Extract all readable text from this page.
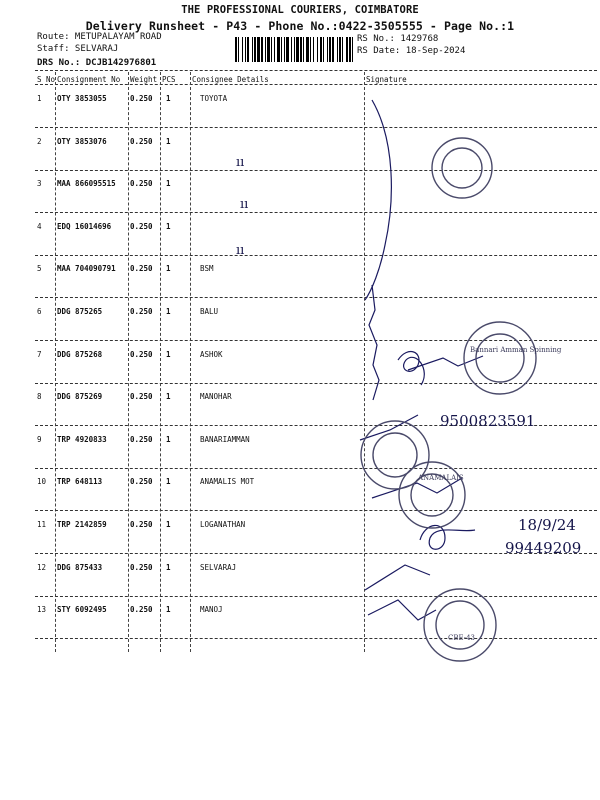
THE PROFESSIONAL COURIERS, COIMBATORE
Delivery Runsheet - P43 - Phone No.:0422-3505555 - Page No.:1
Route: METUPALAYAM ROAD
Staff: SELVARAJ
DRS No.: DCJB142976801
RS No.: 1429768
RS Date: 18-Sep-2024
S No Consignment No Weight PCS Consignee Details	Signature
1 OTY 3853055	0.250 1	TOYOTA
2 OTY 3853076	0.250 1
3 MAA 866095515 0.250 1
4 EDQ 16014696	0.250 1
5 MAA 704090791 0.250 1	BSM
6 DDG 875265	0.250 1	BALU
7 DDG 875268	0.250 1	ASHOK
8 DDG 875269	0.250 1	MANOHAR
9 TRP 4920833	0.250 1	BANARIAMMAN
10 TRP 648113	0.250 1	ANAMALIS MOT
11 TRP 2142859	0.250 1	LOGANATHAN
12 DDG 875433	0.250 1	SELVARAJ
13 STY 6092495	0.250 1	MANOJ
Bannari Amman Spinning
CBE-43
ANAMALAIS
ıı
ıı
ıı
9500823591
18/9/24
99449209
